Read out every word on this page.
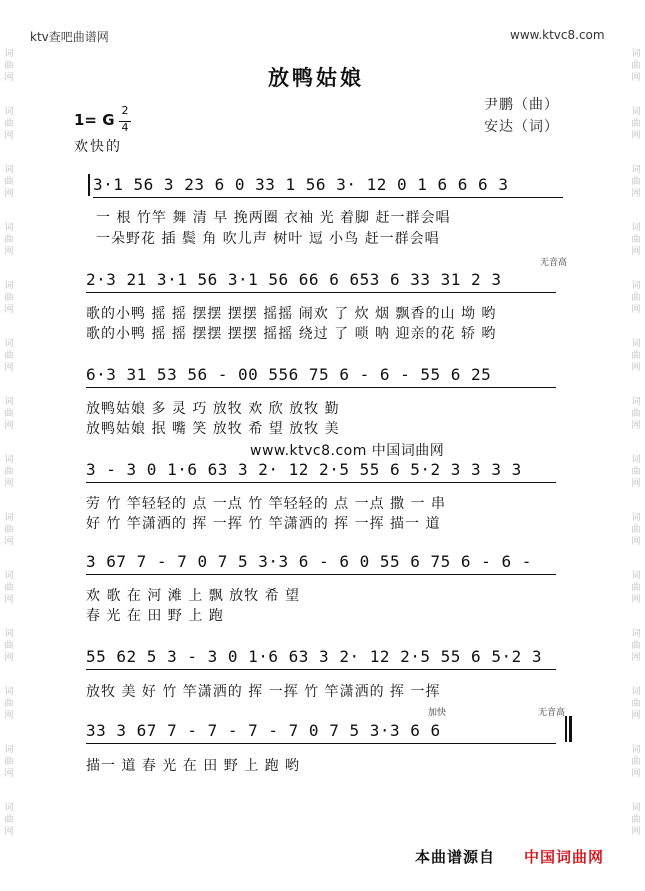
ktv查吧曲谱网	www.ktvc8.com
词
曲
网
词
曲
网
词
曲
网
词
曲
网
词
曲
网
词
曲
网
词
曲
网
词
曲
网
词
曲
网
词
曲
网
词
曲
网
词
曲
网
词
曲
网
词
曲
网
词
曲
网
词
曲
网
词
曲
网
词
曲
网
词
曲
网
词
曲
网
词
曲
网
词
曲
网
词
曲
网
词
曲
网
词
曲
网
词
曲
网
词
曲
网
词
曲
网
放鸭姑娘
尹鹏（曲）
安达（词）
1= G
2
4
欢快的
3·1 56 3 23 6 0 33 1 56 3· 12 0 1 6 6 6 3
一 根 竹竿 舞 清 早 挽两圈 衣袖 光 着脚 赶一群会唱
一朵野花 插 鬓 角 吹儿声 树叶 逗 小鸟 赶一群会唱
无音高
2·3 21 3·1 56 3·1 56 66 6 653 6 33 31 2 3
歌的小鸭 摇 摇 摆摆 摆摆 摇摇 闹欢 了 炊 烟 飘香的山 坳 哟
歌的小鸭 摇 摇 摆摆 摆摆 摇摇 绕过 了 唢 呐 迎亲的花 轿 哟
6·3 31 53 56 - 00 556 75 6 - 6 - 55 6 25
放鸭姑娘 多 灵 巧 放牧 欢 欣 放牧 勤
放鸭姑娘 抿 嘴 笑 放牧 希 望 放牧 美
www.ktvc8.com 中国词曲网
3 - 3 0 1·6 63 3 2· 12 2·5 55 6 5·2 3 3 3 3
劳 竹 竿轻轻的 点 一点 竹 竿轻轻的 点 一点 撒 一 串
好 竹 竿潇洒的 挥 一挥 竹 竿潇洒的 挥 一挥 描一 道
3 67 7 - 7 0 7 5 3·3 6 - 6 0 55 6 75 6 - 6 -
欢 歌 在 河 滩 上 飘 放牧 希 望
春 光 在 田 野 上 跑
55 62 5 3 - 3 0 1·6 63 3 2· 12 2·5 55 6 5·2 3
放牧 美 好 竹 竿潇洒的 挥 一挥 竹 竿潇洒的 挥 一挥
加快	无音高
33 3 67 7 - 7 - 7 - 7 0 7 5 3·3 6 6
描一 道 春 光 在 田 野 上 跑 哟
本曲谱源自 中国词曲网
